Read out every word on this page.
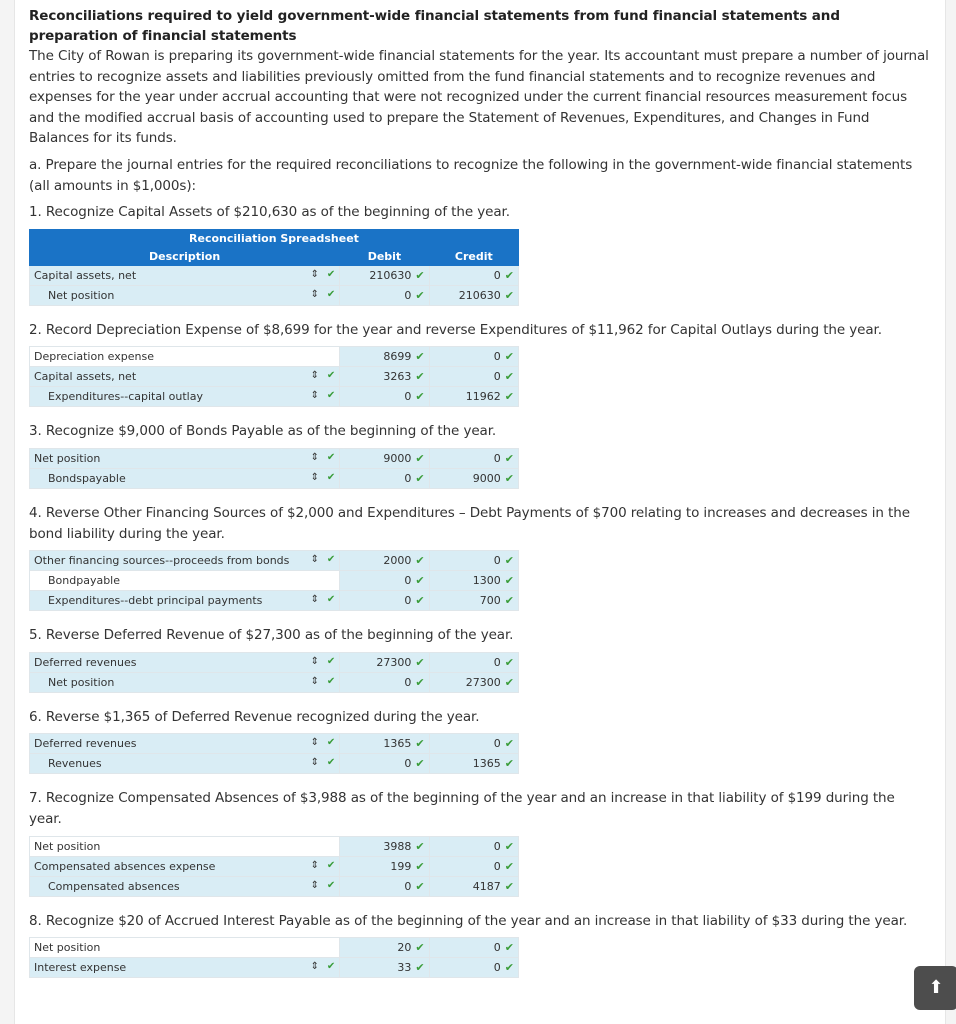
Reconciliations required to yield government-wide financial statements from fund financial statements and preparation of financial statements

The City of Rowan is preparing its government-wide financial statements for the year. Its accountant must prepare a number of journal entries to recognize assets and liabilities previously omitted from the fund financial statements and to recognize revenues and expenses for the year under accrual accounting that were not recognized under the current financial resources measurement focus and the modified accrual basis of accounting used to prepare the Statement of Revenues, Expenditures, and Changes in Fund Balances for its funds.

a. Prepare the journal entries for the required reconciliations to recognize the following in the government-wide financial statements (all amounts in $1,000s):

1. Recognize Capital Assets of $210,630 as of the beginning of the year.
Reconciliation Spreadsheet		
Description	Debit	Credit
Capital assets, net ⇕ ✔	210630 ✔	0 ✔
Net position ⇕ ✔	0 ✔	210630 ✔
2. Record Depreciation Expense of $8,699 for the year and reverse Expenditures of $11,962 for Capital Outlays during the year.
Depreciation expense	8699 ✔	0 ✔
Capital assets, net ⇕ ✔	3263 ✔	0 ✔
Expenditures--capital outlay ⇕ ✔	0 ✔	11962 ✔
3. Recognize $9,000 of Bonds Payable as of the beginning of the year.
Net position ⇕ ✔	9000 ✔	0 ✔
Bondspayable ⇕ ✔	0 ✔	9000 ✔
4. Reverse Other Financing Sources of $2,000 and Expenditures – Debt Payments of $700 relating to increases and decreases in the bond liability during the year.
Other financing sources--proceeds from bonds ⇕ ✔	2000 ✔	0 ✔
Bondpayable	0 ✔	1300 ✔
Expenditures--debt principal payments ⇕ ✔	0 ✔	700 ✔
5. Reverse Deferred Revenue of $27,300 as of the beginning of the year.
Deferred revenues ⇕ ✔	27300 ✔	0 ✔
Net position ⇕ ✔	0 ✔	27300 ✔
6. Reverse $1,365 of Deferred Revenue recognized during the year.
Deferred revenues ⇕ ✔	1365 ✔	0 ✔
Revenues ⇕ ✔	0 ✔	1365 ✔
7. Recognize Compensated Absences of $3,988 as of the beginning of the year and an increase in that liability of $199 during the year.
Net position	3988 ✔	0 ✔
Compensated absences expense ⇕ ✔	199 ✔	0 ✔
Compensated absences ⇕ ✔	0 ✔	4187 ✔
8. Recognize $20 of Accrued Interest Payable as of the beginning of the year and an increase in that liability of $33 during the year.
Net position	20 ✔	0 ✔
Interest expense ⇕ ✔	33 ✔	0 ✔
⬆
